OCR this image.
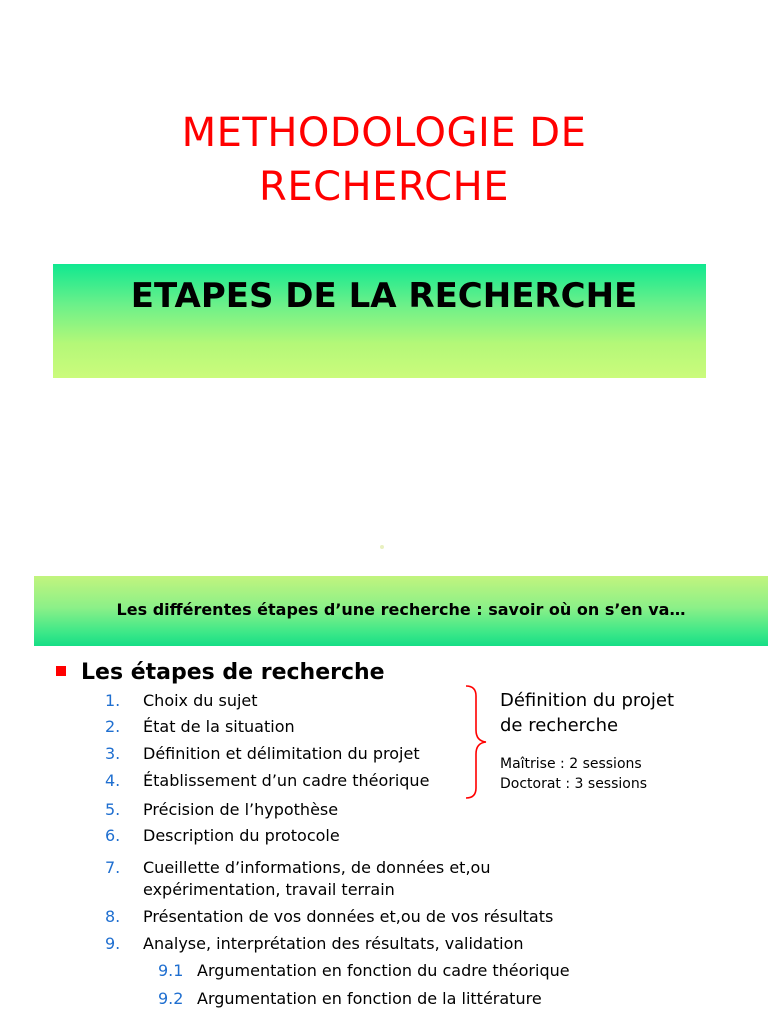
METHODOLOGIE DE
RECHERCHE
ETAPES DE LA RECHERCHE
Les différentes étapes d’une recherche : savoir où on s’en va…
Les étapes de recherche
1.	Choix du sujet
2.	État de la situation
3.	Définition et délimitation du projet
4.	Établissement d’un cadre théorique
5.	Précision de l’hypothèse
6.	Description du protocole
7.	Cueillette d’informations, de données et,ou
expérimentation, travail terrain
8.	Présentation de vos données et,ou de vos résultats
9.	Analyse, interprétation des résultats, validation
9.1 Argumentation en fonction du cadre théorique
9.2 Argumentation en fonction de la littérature
Définition du projet
de recherche
Maîtrise : 2 sessions
Doctorat : 3 sessions
